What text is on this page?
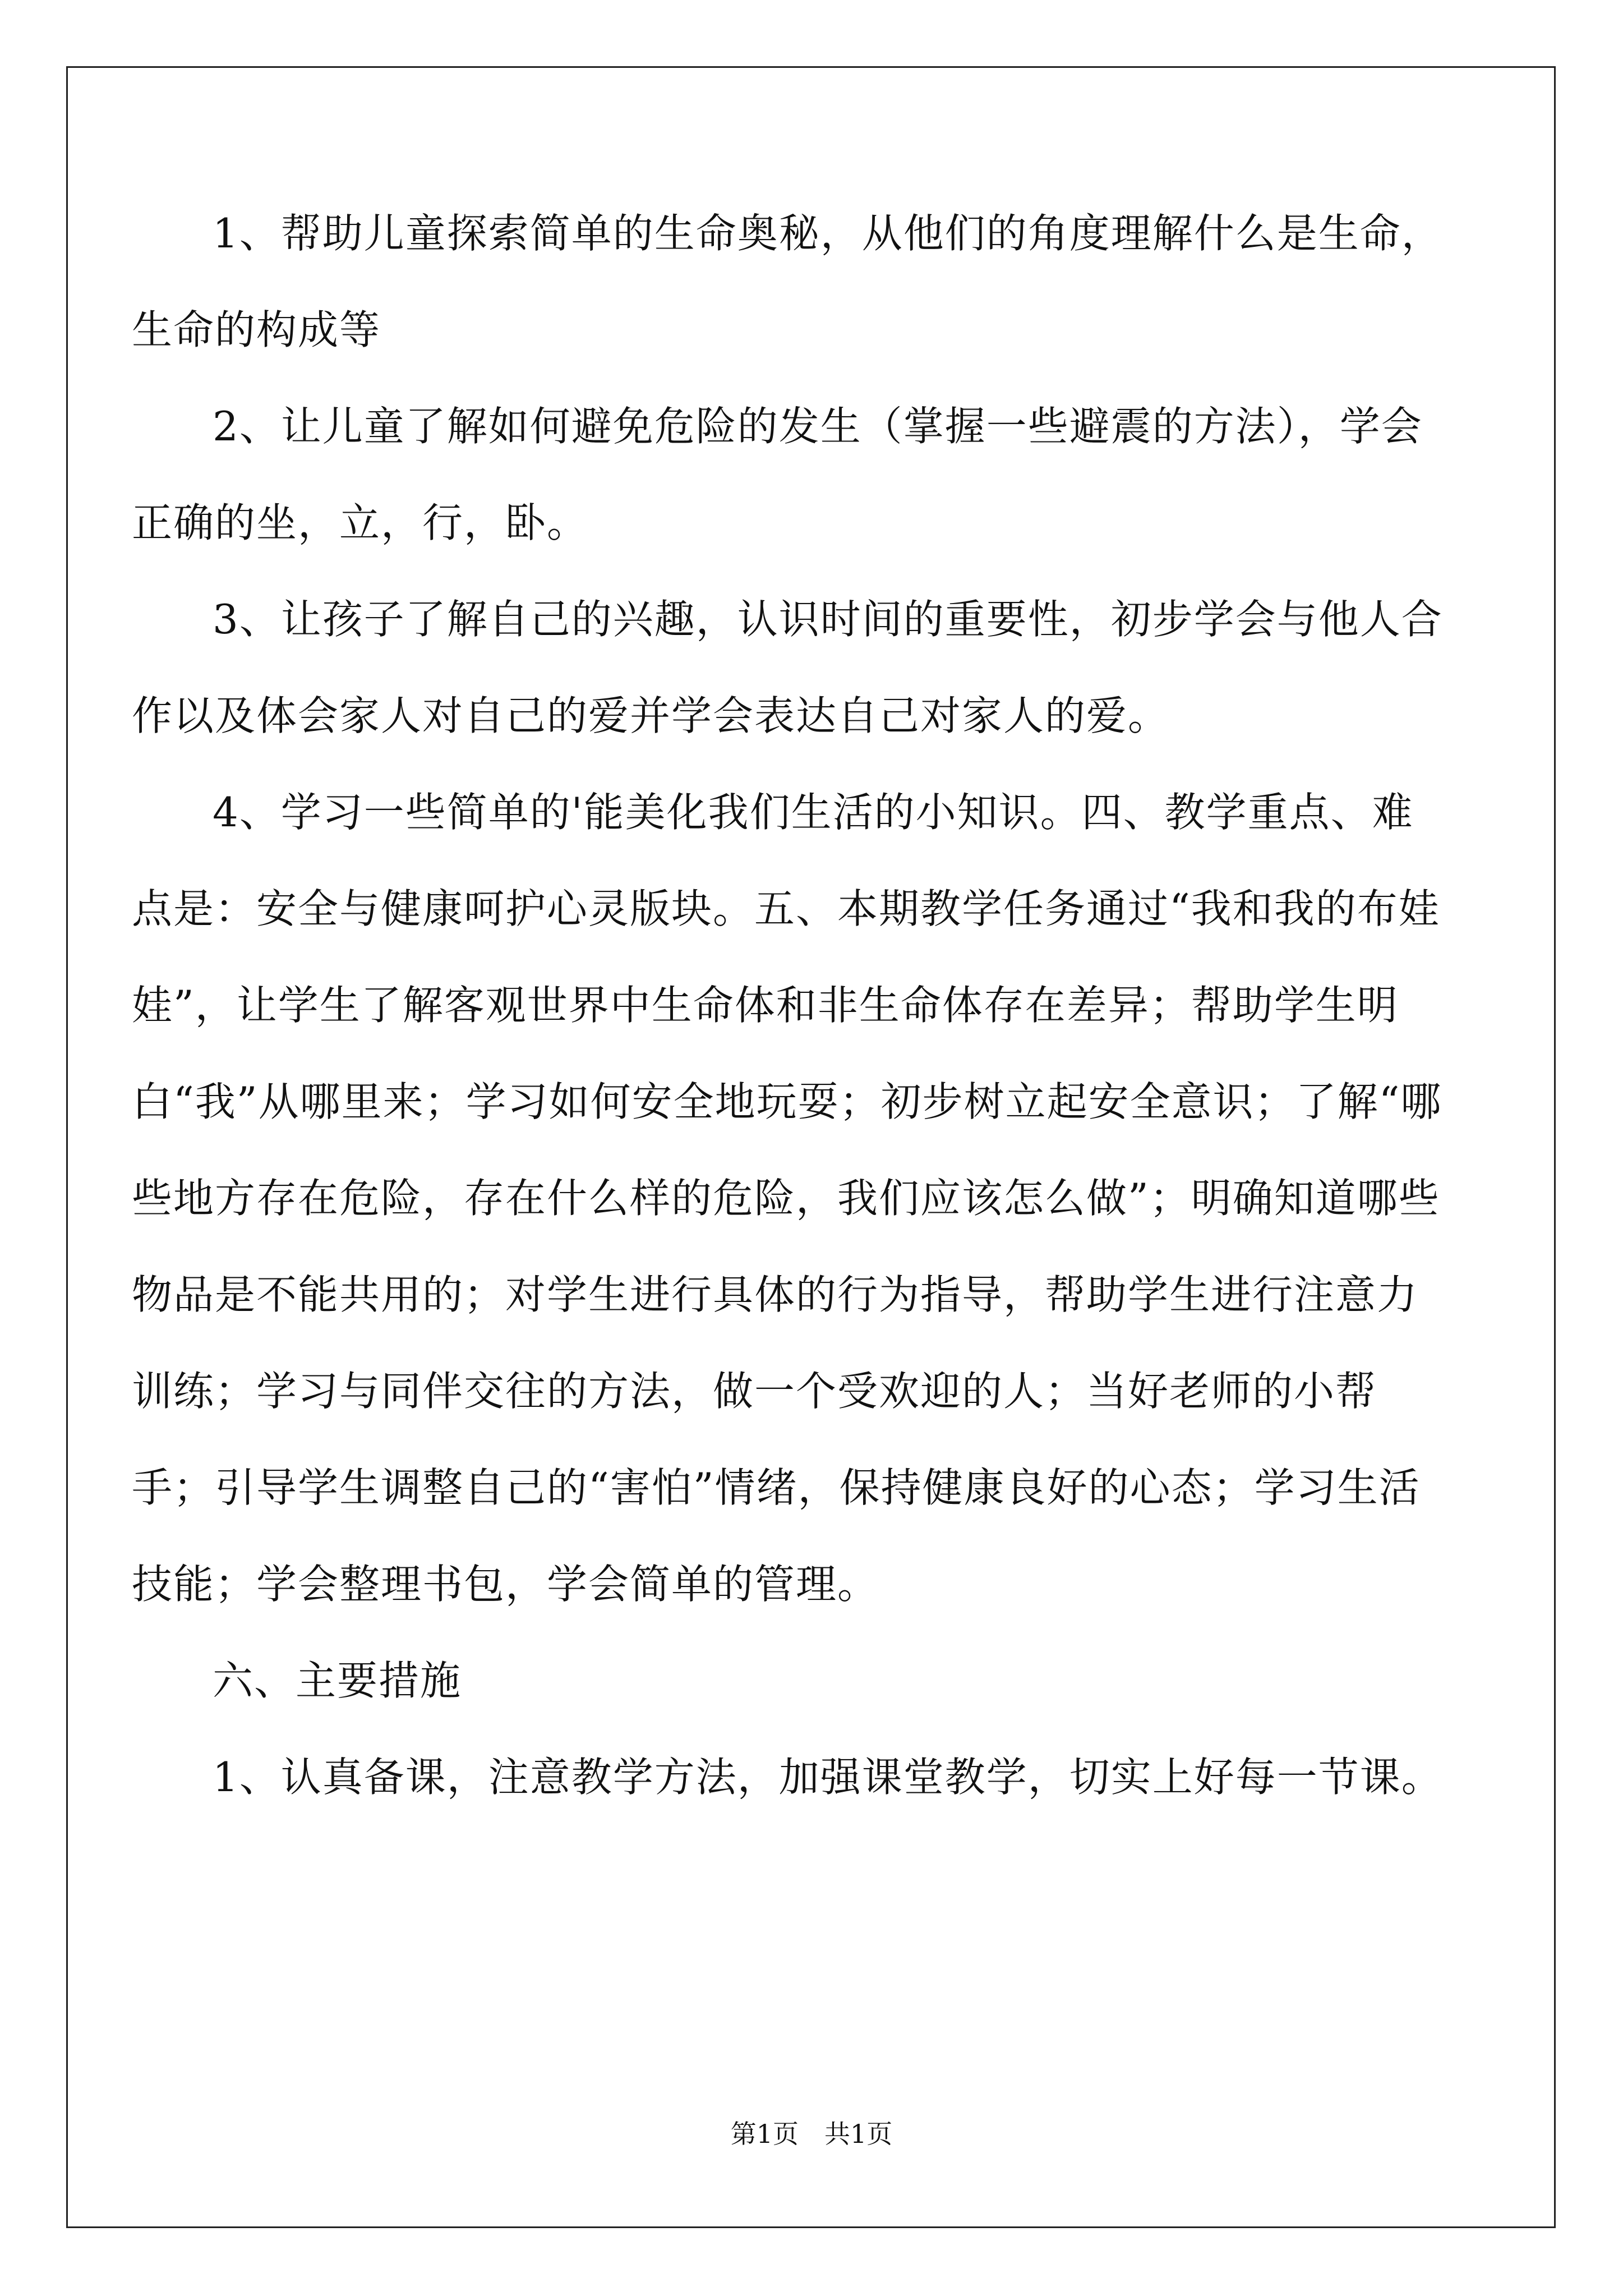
1、帮助儿童探索简单的生命奥秘，从他们的角度理解什么是生命，生命的构成等

2、让儿童了解如何避免危险的发生（掌握一些避震的方法），学会正确的坐，立，行，卧。

3、让孩子了解自己的兴趣，认识时间的重要性，初步学会与他人合作以及体会家人对自己的爱并学会表达自己对家人的爱。

4、学习一些简单的'能美化我们生活的小知识。四、教学重点、难点是：安全与健康呵护心灵版块。五、本期教学任务通过“我和我的布娃娃”，让学生了解客观世界中生命体和非生命体存在差异；帮助学生明白“我”从哪里来；学习如何安全地玩耍；初步树立起安全意识；了解“哪些地方存在危险，存在什么样的危险，我们应该怎么做”；明确知道哪些物品是不能共用的；对学生进行具体的行为指导，帮助学生进行注意力训练；学习与同伴交往的方法，做一个受欢迎的人；当好老师的小帮手；引导学生调整自己的“害怕”情绪，保持健康良好的心态；学习生活技能；学会整理书包，学会简单的管理。

六、主要措施

1、认真备课，注意教学方法，加强课堂教学，切实上好每一节课。

第1页　共1页
